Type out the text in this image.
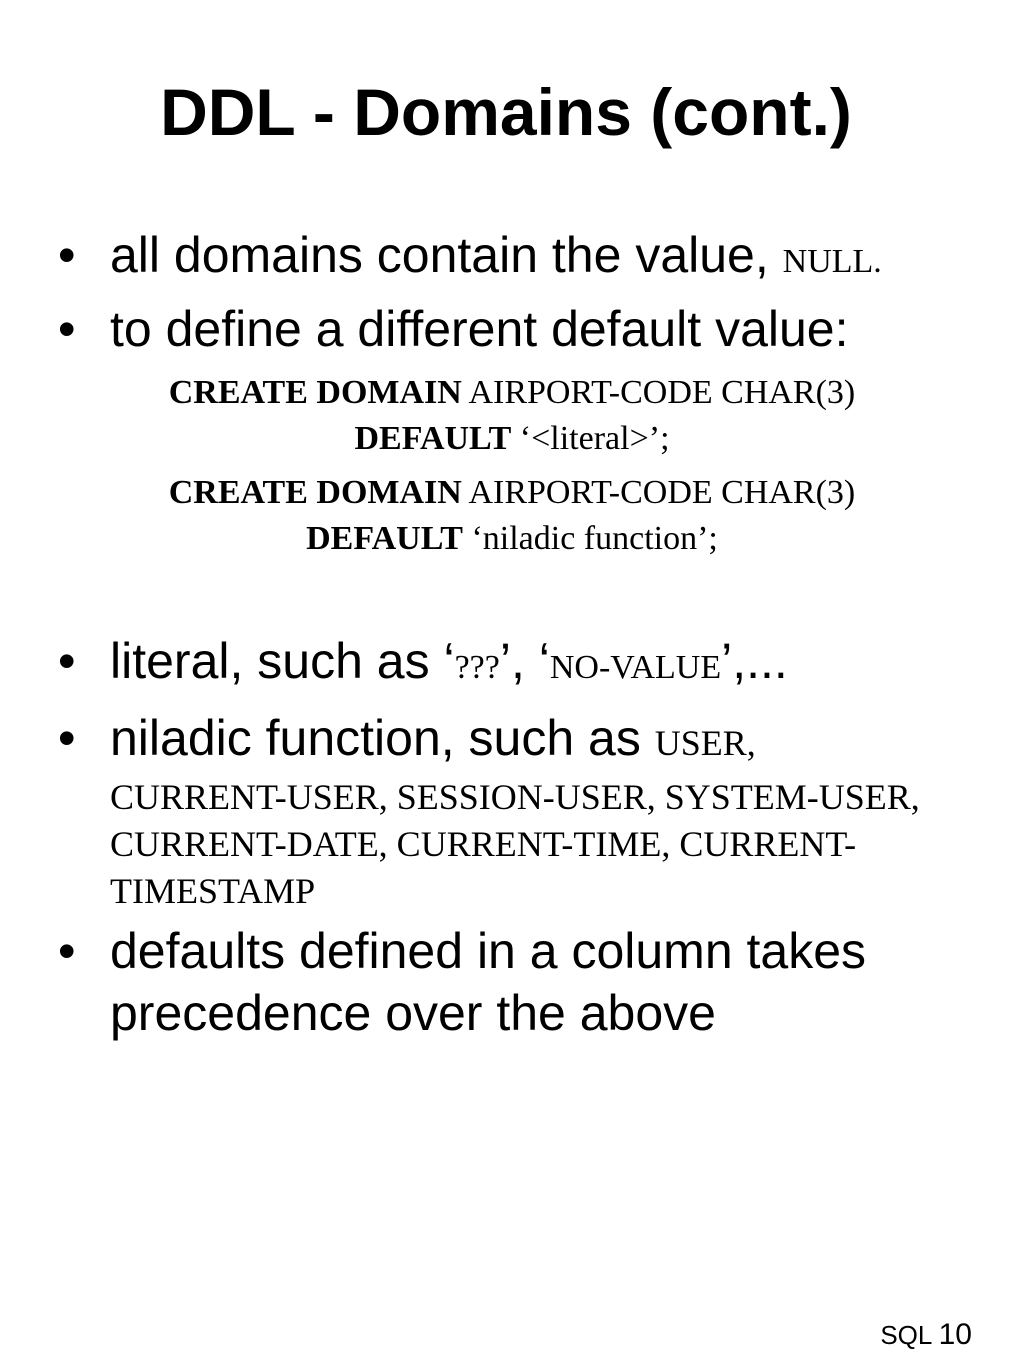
DDL - Domains (cont.)
• all domains contain the value, NULL.
• to define a different default value:
CREATE DOMAIN AIRPORT-CODE CHAR(3)
DEFAULT ‘<literal>’;
CREATE DOMAIN AIRPORT-CODE CHAR(3)
DEFAULT ‘niladic function’;
• literal, such as ‘???’, ‘NO-VALUE’,...
• niladic function, such as USER,
CURRENT-USER, SESSION-USER, SYSTEM-USER, CURRENT-DATE, CURRENT-TIME, CURRENT-TIMESTAMP
• defaults defined in a column takes precedence over the above
SQL 10
